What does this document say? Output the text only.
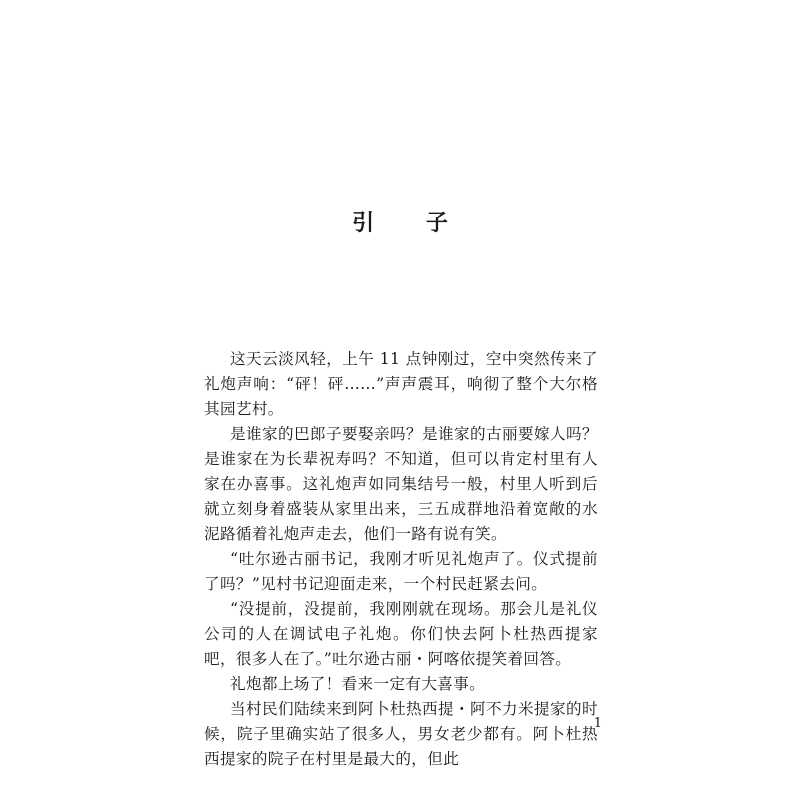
引 子

这天云淡风轻，上午 11 点钟刚过，空中突然传来了礼炮声响：“砰！砰……”声声震耳，响彻了整个大尔格其园艺村。

是谁家的巴郎子要娶亲吗？是谁家的古丽要嫁人吗？是谁家在为长辈祝寿吗？不知道，但可以肯定村里有人家在办喜事。这礼炮声如同集结号一般，村里人听到后就立刻身着盛装从家里出来，三五成群地沿着宽敞的水泥路循着礼炮声走去，他们一路有说有笑。

“吐尔逊古丽书记，我刚才听见礼炮声了。仪式提前了吗？”见村书记迎面走来，一个村民赶紧去问。

“没提前，没提前，我刚刚就在现场。那会儿是礼仪公司的人在调试电子礼炮。你们快去阿卜杜热西提家吧，很多人在了。”吐尔逊古丽・阿喀依提笑着回答。

礼炮都上场了！看来一定有大喜事。

当村民们陆续来到阿卜杜热西提・阿不力米提家的时候，院子里确实站了很多人，男女老少都有。阿卜杜热西提家的院子在村里是最大的，但此

1
